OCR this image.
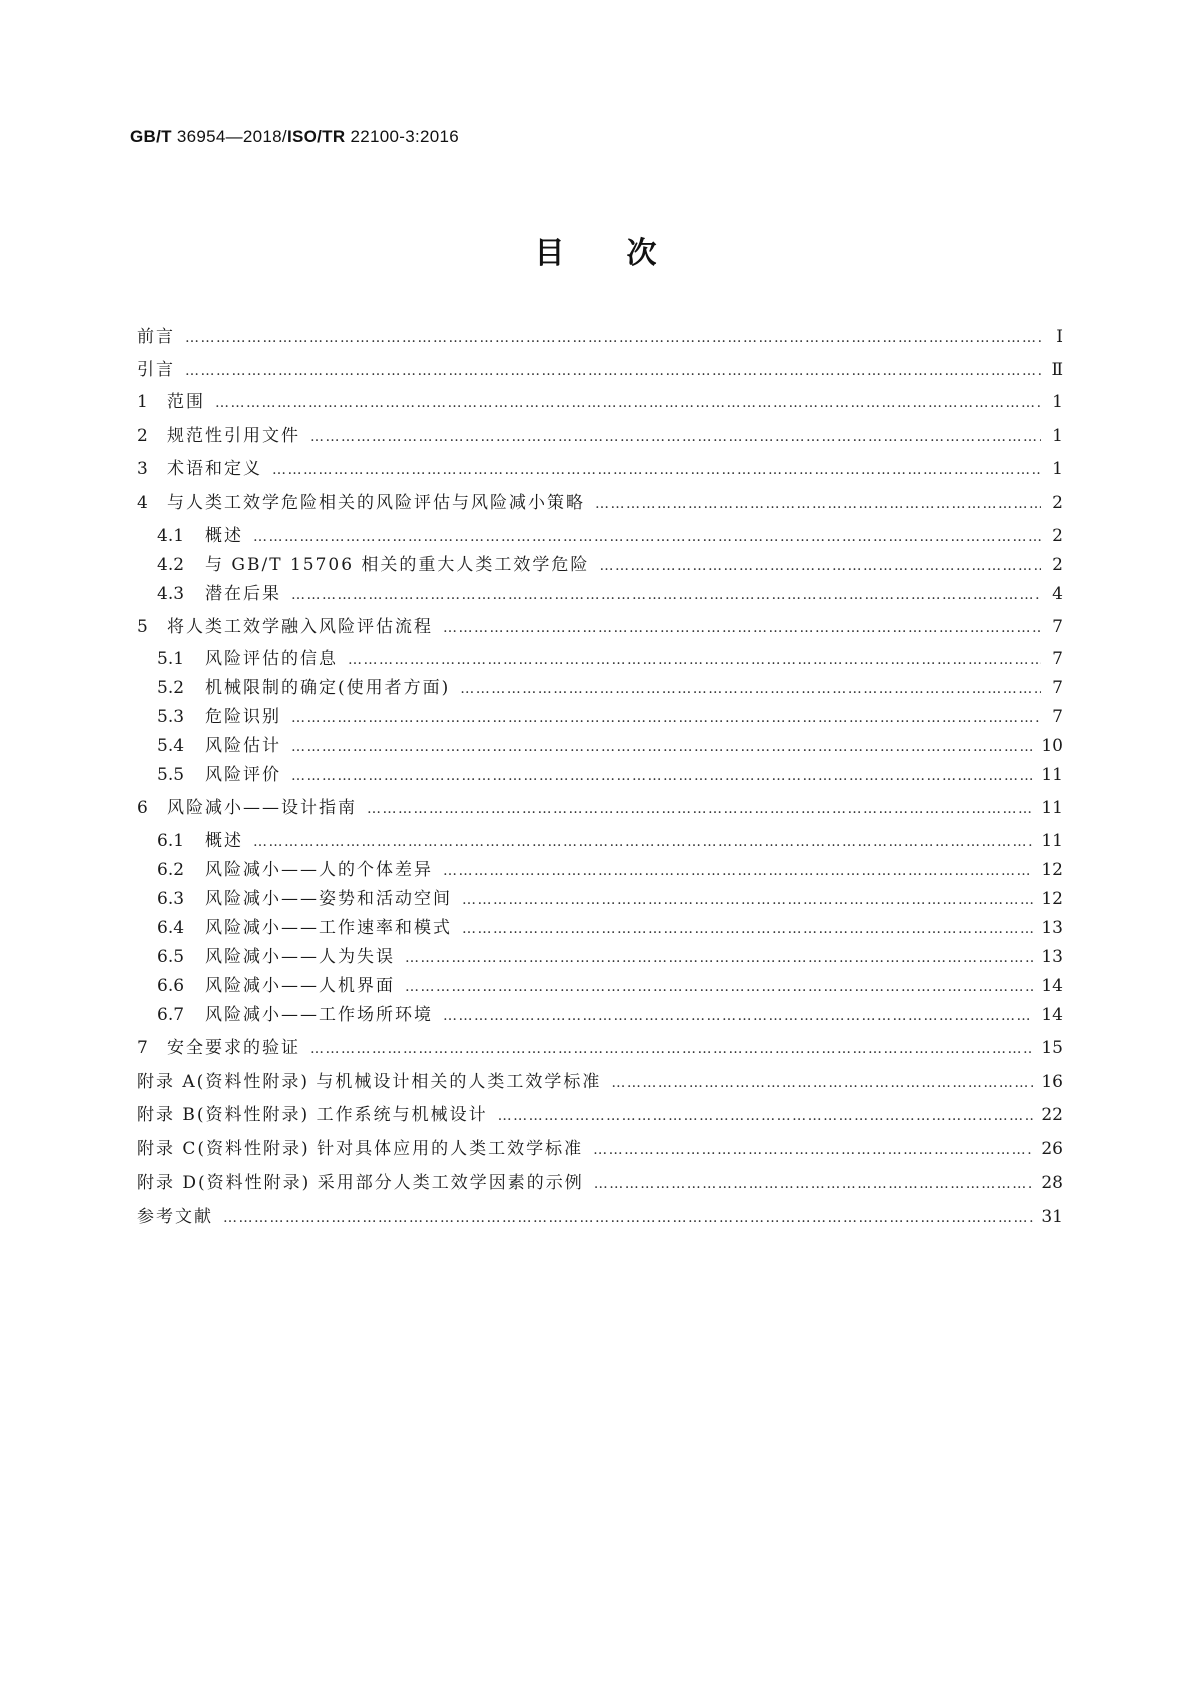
GB/T 36954—2018/ISO/TR 22100-3:2016
目次
前言 …………………………………………………………………………………………………………………………………………………………………………………………………………………………	Ⅰ
引言 …………………………………………………………………………………………………………………………………………………………………………………………………………………………	Ⅱ
1	范围 …………………………………………………………………………………………………………………………………………………………………………………………………………………………	1
2	规范性引用文件 …………………………………………………………………………………………………………………………………………………………………………………………………………………………	1
3	术语和定义 …………………………………………………………………………………………………………………………………………………………………………………………………………………………	1
4	与人类工效学危险相关的风险评估与风险减小策略 …………………………………………………………………………………………………………………………………………………………………………………………………………………………	2
4.1	概述 …………………………………………………………………………………………………………………………………………………………………………………………………………………………	2
4.2	与 GB/T 15706 相关的重大人类工效学危险 …………………………………………………………………………………………………………………………………………………………………………………………………………………………	2
4.3	潜在后果 …………………………………………………………………………………………………………………………………………………………………………………………………………………………	4
5	将人类工效学融入风险评估流程 …………………………………………………………………………………………………………………………………………………………………………………………………………………………	7
5.1	风险评估的信息 …………………………………………………………………………………………………………………………………………………………………………………………………………………………	7
5.2	机械限制的确定(使用者方面) …………………………………………………………………………………………………………………………………………………………………………………………………………………………	7
5.3	危险识别 …………………………………………………………………………………………………………………………………………………………………………………………………………………………	7
5.4	风险估计 …………………………………………………………………………………………………………………………………………………………………………………………………………………………	10
5.5	风险评价 …………………………………………………………………………………………………………………………………………………………………………………………………………………………	11
6	风险减小——设计指南 …………………………………………………………………………………………………………………………………………………………………………………………………………………………	11
6.1	概述 …………………………………………………………………………………………………………………………………………………………………………………………………………………………	11
6.2	风险减小——人的个体差异 …………………………………………………………………………………………………………………………………………………………………………………………………………………………	12
6.3	风险减小——姿势和活动空间 …………………………………………………………………………………………………………………………………………………………………………………………………………………………	12
6.4	风险减小——工作速率和模式 …………………………………………………………………………………………………………………………………………………………………………………………………………………………	13
6.5	风险减小——人为失误 …………………………………………………………………………………………………………………………………………………………………………………………………………………………	13
6.6	风险减小——人机界面 …………………………………………………………………………………………………………………………………………………………………………………………………………………………	14
6.7	风险减小——工作场所环境 …………………………………………………………………………………………………………………………………………………………………………………………………………………………	14
7	安全要求的验证 …………………………………………………………………………………………………………………………………………………………………………………………………………………………	15
附录 A(资料性附录) 与机械设计相关的人类工效学标准 …………………………………………………………………………………………………………………………………………………………………………………………………………………………	16
附录 B(资料性附录) 工作系统与机械设计 …………………………………………………………………………………………………………………………………………………………………………………………………………………………	22
附录 C(资料性附录) 针对具体应用的人类工效学标准 …………………………………………………………………………………………………………………………………………………………………………………………………………………………	26
附录 D(资料性附录) 采用部分人类工效学因素的示例 …………………………………………………………………………………………………………………………………………………………………………………………………………………………	28
参考文献 …………………………………………………………………………………………………………………………………………………………………………………………………………………………	31
